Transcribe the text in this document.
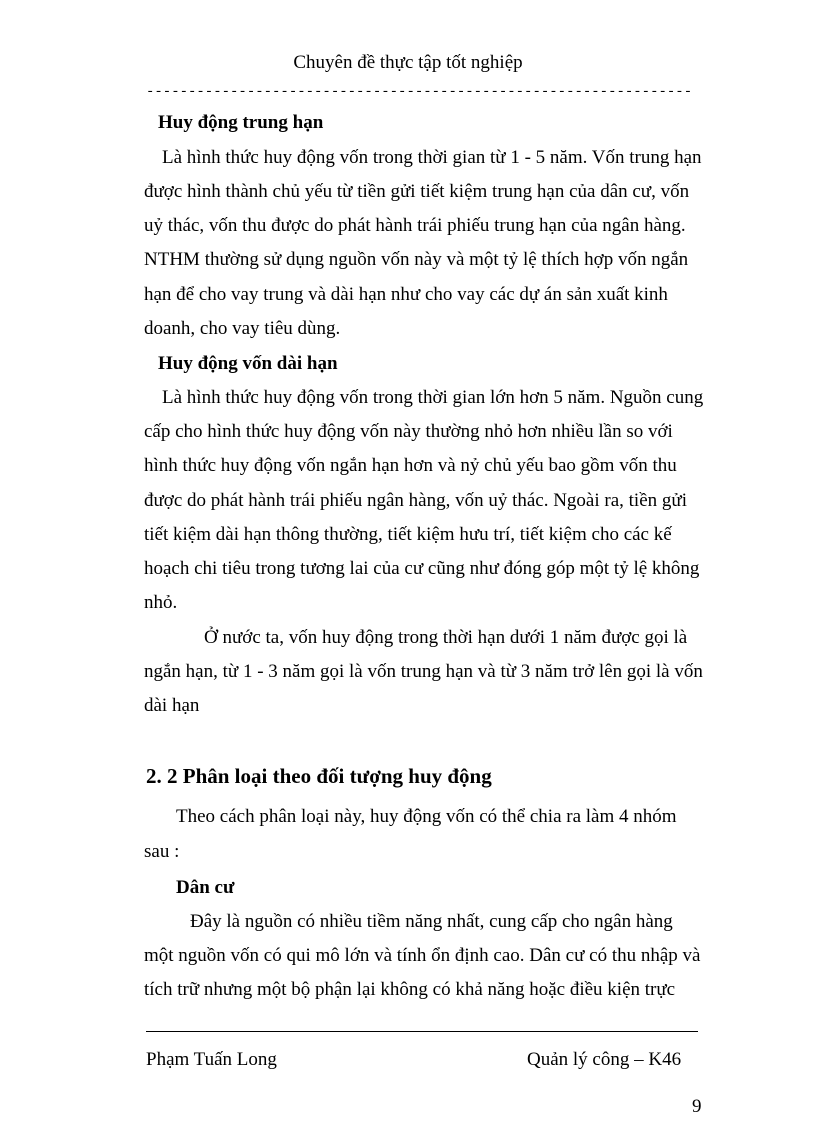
Chuyên đề thực tập tốt nghiệp
-----------------------------------------------------------------
Huy động trung hạn
Là hình thức huy động vốn trong thời gian từ 1 - 5 năm. Vốn trung hạn
được hình thành chủ yếu từ tiền gửi tiết kiệm trung hạn của dân cư, vốn
uỷ thác, vốn thu được do phát hành trái phiếu trung hạn của ngân hàng.
NTHM thường sử dụng nguồn vốn này và một tỷ lệ thích hợp vốn ngắn
hạn để cho vay trung và dài hạn như cho vay các dự án sản xuất kinh
doanh, cho vay tiêu dùng.
Huy động vốn dài hạn
Là hình thức huy động vốn trong thời gian lớn hơn 5 năm. Nguồn cung
cấp cho hình thức huy động vốn này thường nhỏ hơn nhiều lần so với
hình thức huy động vốn ngắn hạn hơn và nỷ chủ yếu bao gồm vốn thu
được do phát hành trái phiếu ngân hàng, vốn uỷ thác. Ngoài ra, tiền gửi
tiết kiệm dài hạn thông thường, tiết kiệm hưu trí, tiết kiệm cho các kế
hoạch chi tiêu trong tương lai của cư cũng như đóng góp một tỷ lệ không
nhỏ.
Ở nước ta, vốn huy động trong thời hạn dưới 1 năm được gọi là
ngắn hạn, từ 1 - 3 năm gọi là vốn trung hạn và từ 3 năm trở lên gọi là vốn
dài hạn
2. 2 Phân loại theo đối tượng huy động
Theo cách phân loại này, huy động vốn có thể chia ra làm 4 nhóm
sau :
Dân cư
Đây là nguồn có nhiều tiềm năng nhất, cung cấp cho ngân hàng
một nguồn vốn có qui mô lớn và tính ổn định cao. Dân cư có thu nhập và
tích trữ nhưng một bộ phận lại không có khả năng hoặc điều kiện trực
Phạm Tuấn Long	Quản lý công – K46
9
